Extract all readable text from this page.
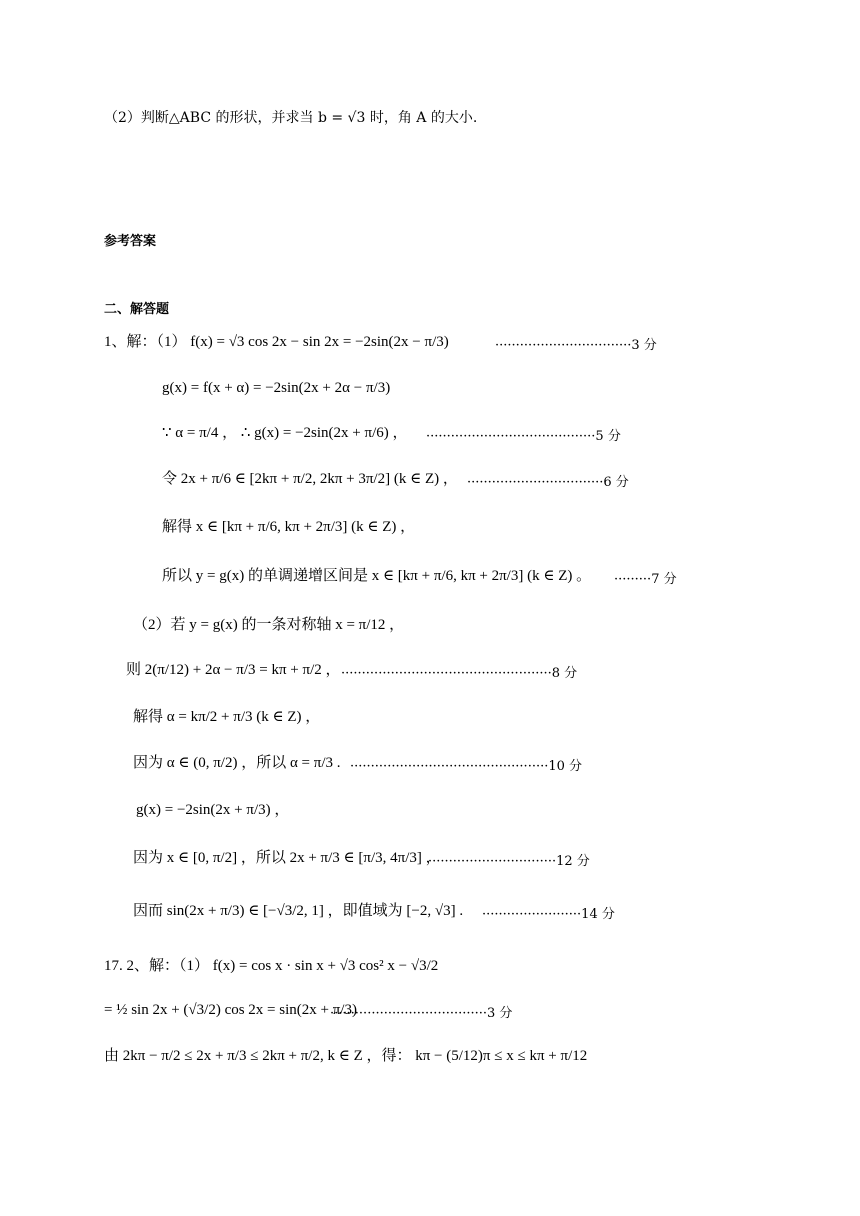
（2）判断△ABC 的形状，并求当 b = √3 时，角 A 的大小.
参考答案
二、解答题
1、解：（1） f(x) = √3 cos 2x − sin 2x = −2sin(2x − π/3)	·································3 分
g(x) = f(x + α) = −2sin(2x + 2α − π/3)
∵ α = π/4 ， ∴ g(x) = −2sin(2x + π/6) ， ·········································5 分
令 2x + π/6 ∈ [2kπ + π/2, 2kπ + 3π/2] (k ∈ Z) ， ·································6 分
解得 x ∈ [kπ + π/6, kπ + 2π/3] (k ∈ Z) ，
所以 y = g(x) 的单调递增区间是 x ∈ [kπ + π/6, kπ + 2π/3] (k ∈ Z) 。 ·········7 分
（2）若 y = g(x) 的一条对称轴 x = π/12 ，
则 2(π/12) + 2α − π/3 = kπ + π/2 ， ···················································8 分
解得 α = kπ/2 + π/3 (k ∈ Z) ，
因为 α ∈ (0, π/2) ，所以 α = π/3 . ················································10 分
g(x) = −2sin(2x + π/3) ，
因为 x ∈ [0, π/2] ，所以 2x + π/3 ∈ [π/3, 4π/3] ，
·······························12 分
因而 sin(2x + π/3) ∈ [−√3/2, 1] ，即值域为 [−2, √3] . ························14 分
17. 2、解：（1） f(x) = cos x · sin x + √3 cos² x − √3/2
= ½ sin 2x + (√3/2) cos 2x = sin(2x + π/3)
······································3 分
由 2kπ − π/2 ≤ 2x + π/3 ≤ 2kπ + π/2, k ∈ Z ，得： kπ − (5/12)π ≤ x ≤ kπ + π/12
